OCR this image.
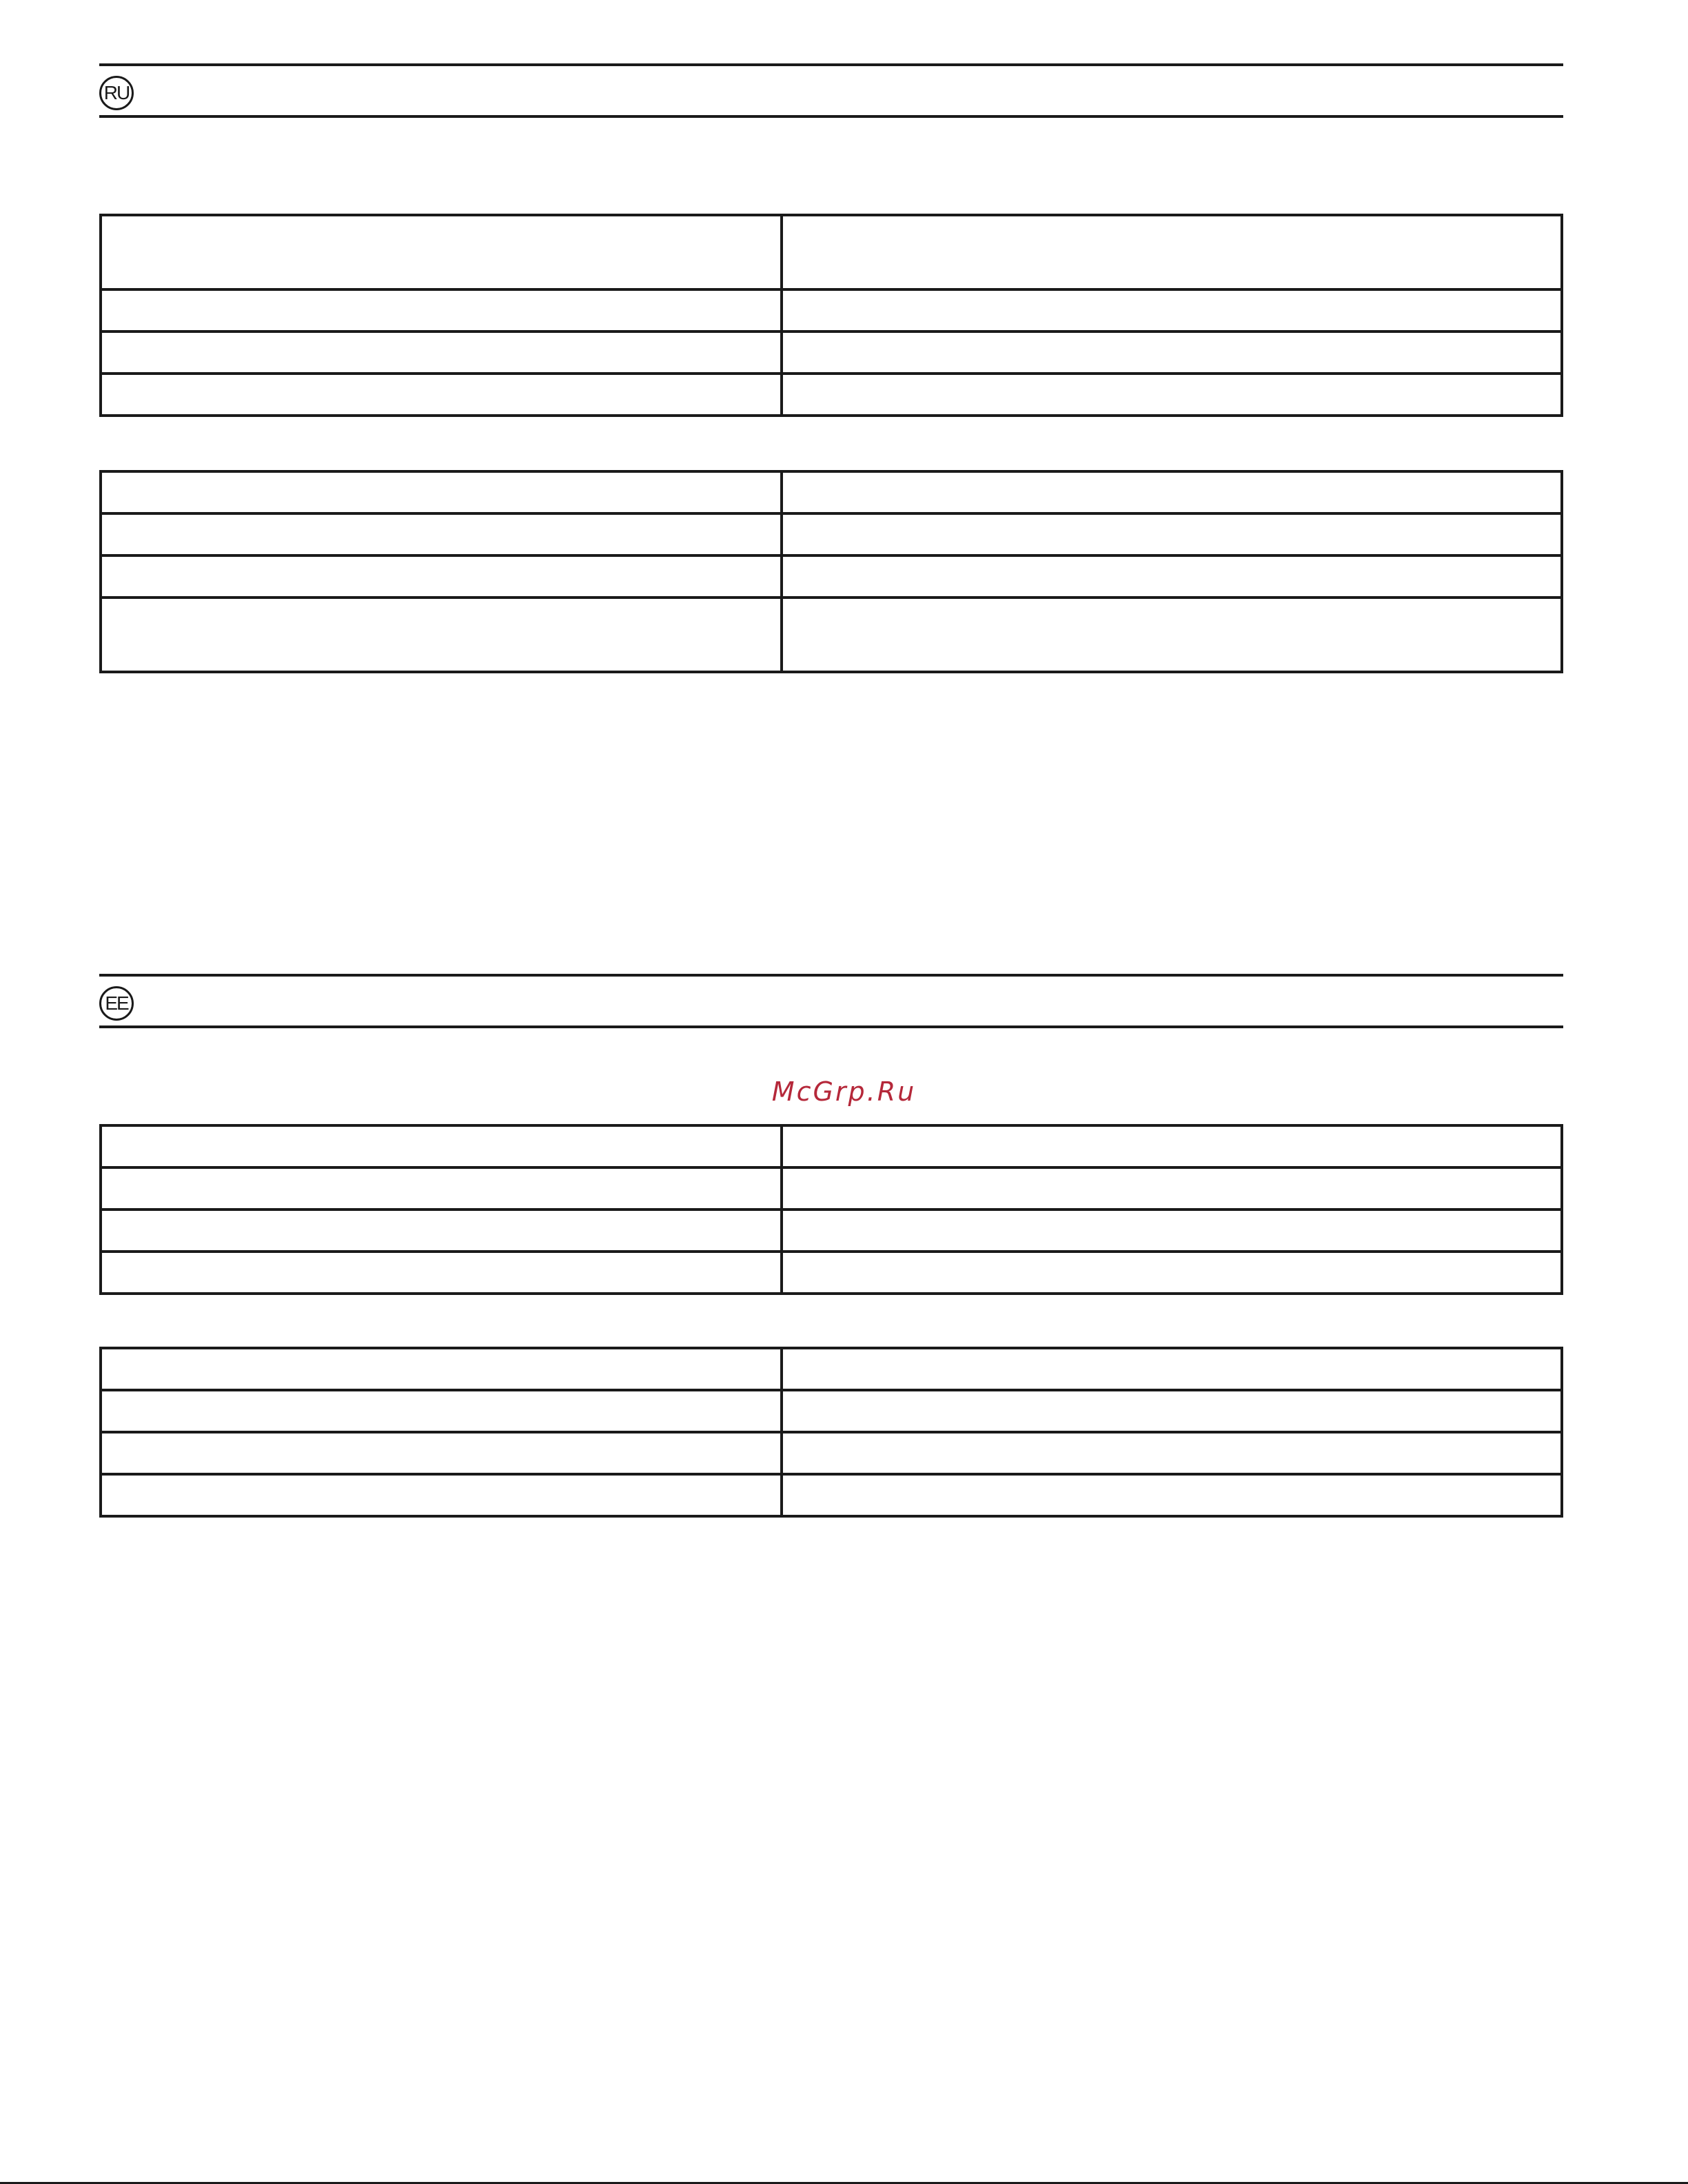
RU

EE

McGrp.Ru
